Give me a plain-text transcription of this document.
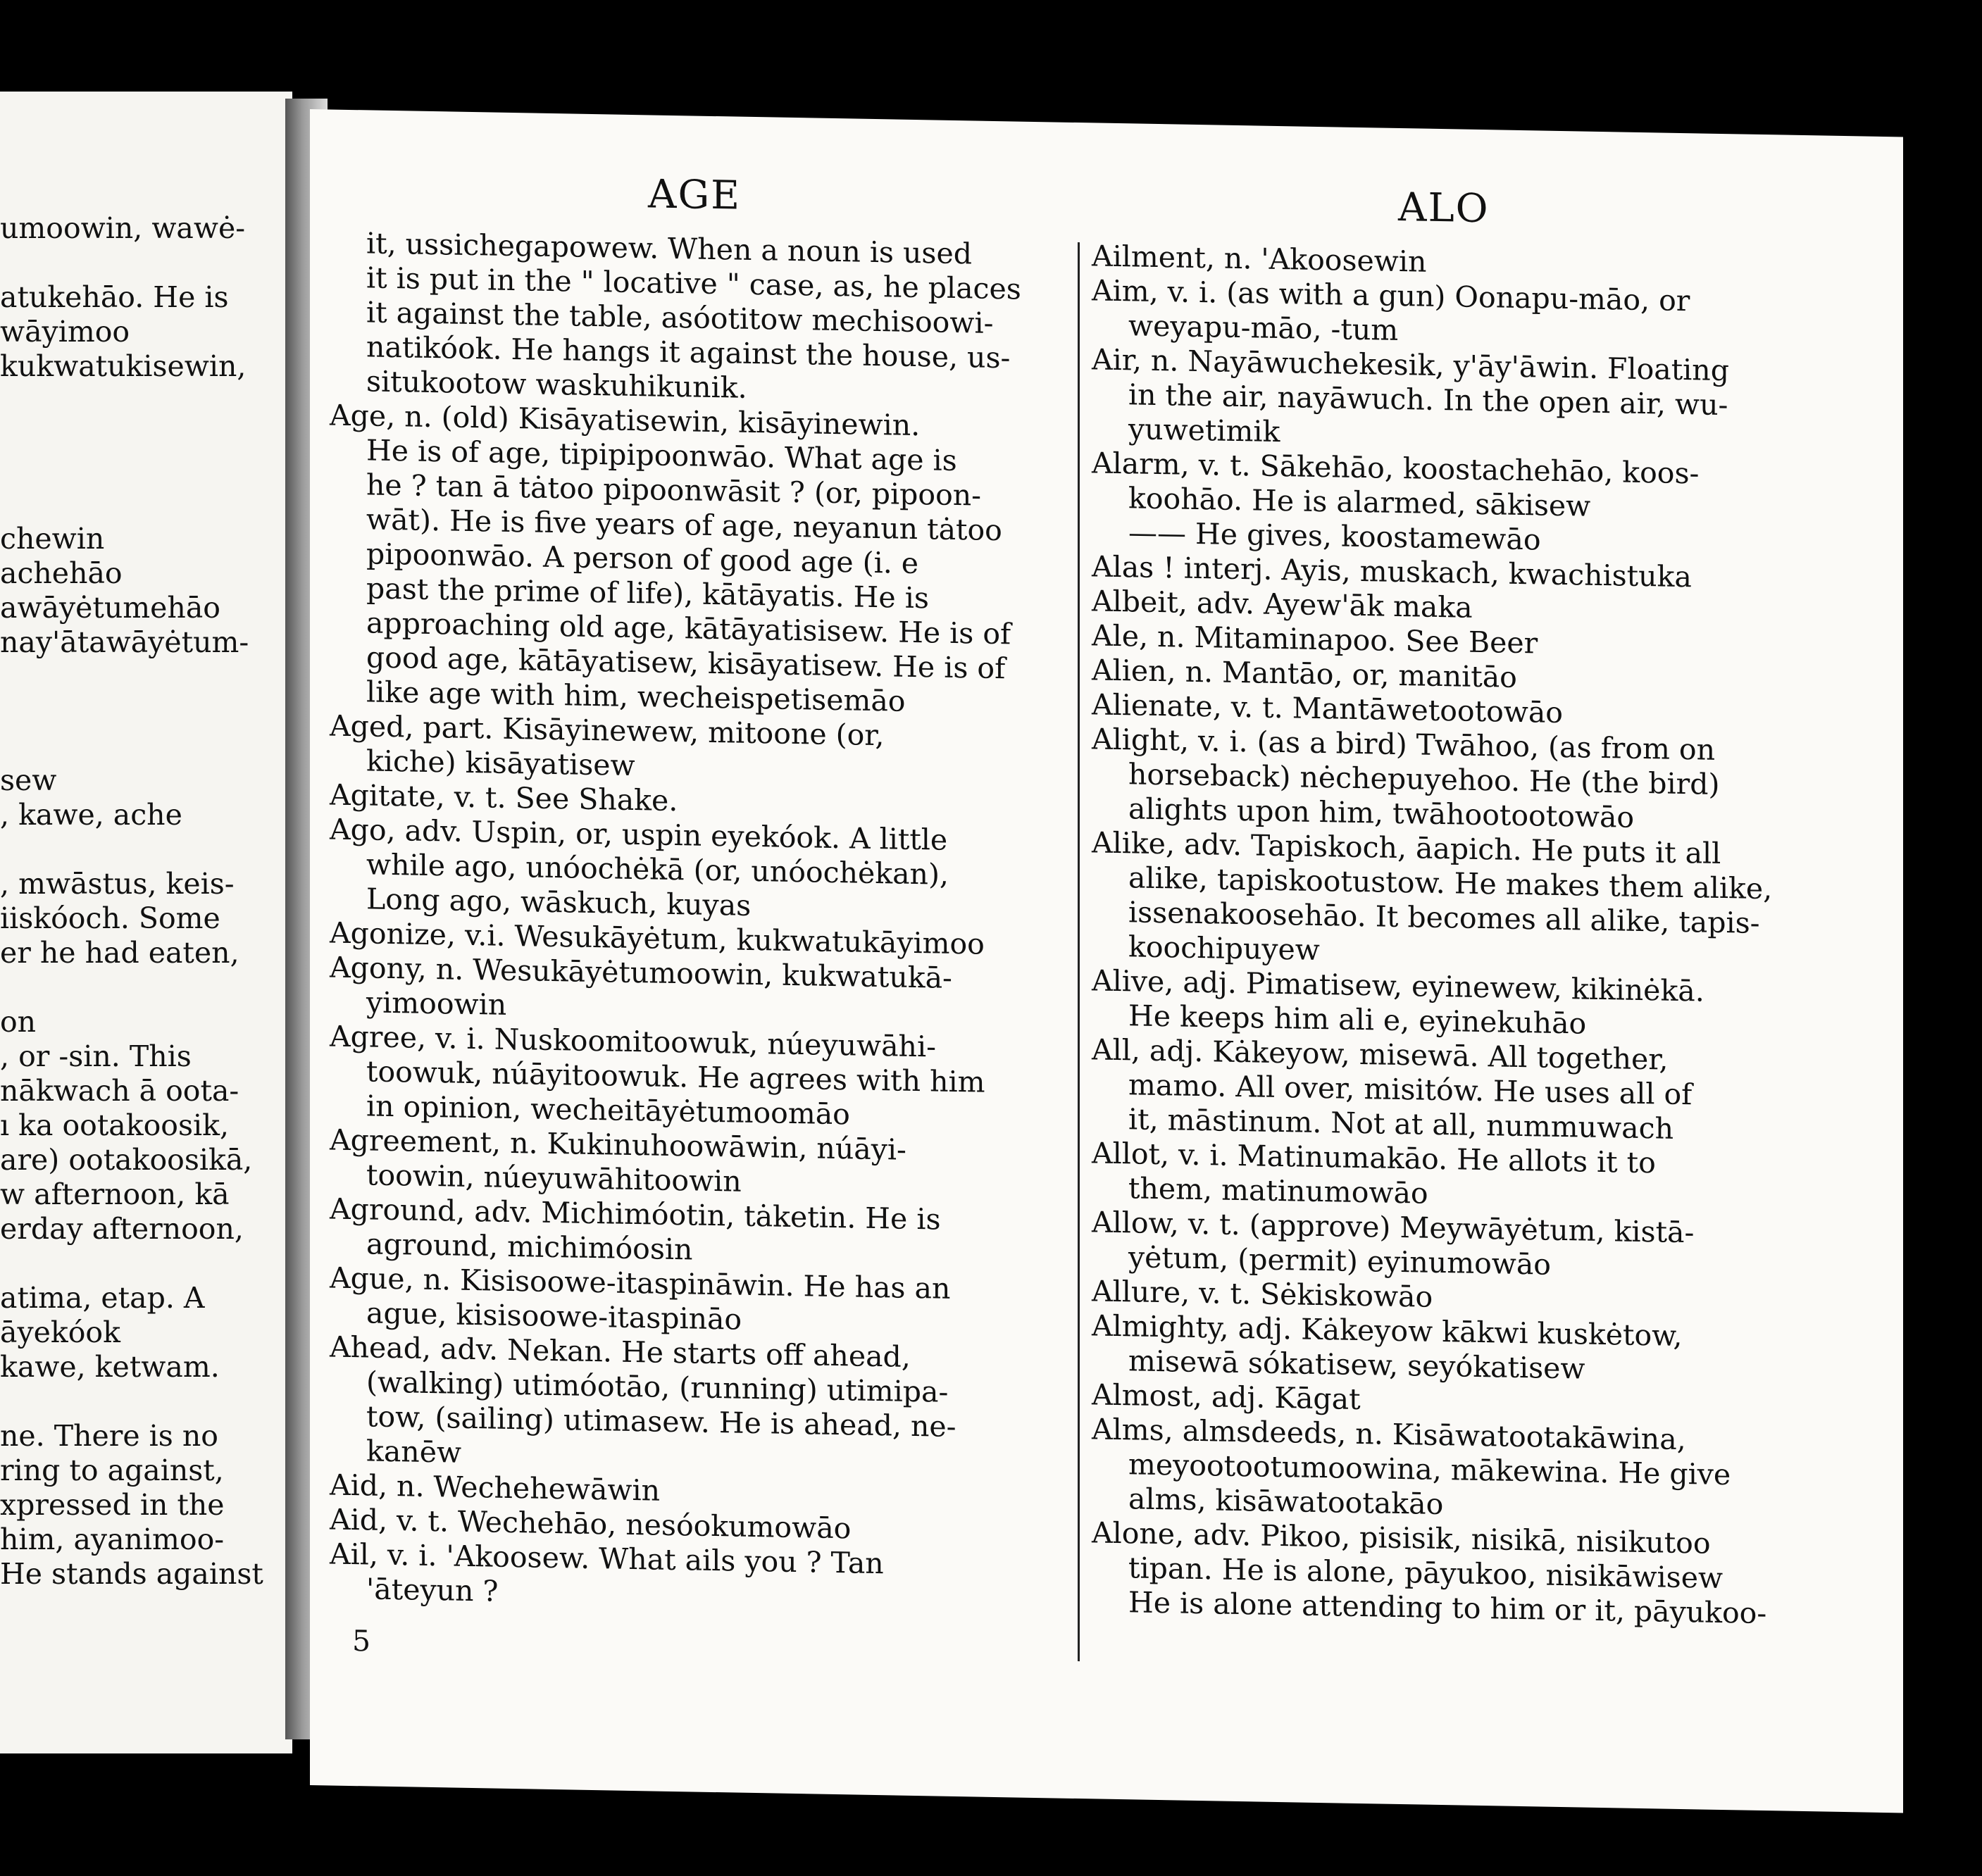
umoowin, wawė-

atukehāo. He is
wāyimoo
kukwatukisewin,

chewin
achehāo
awāyėtumehāo
nay'ātawāyėtum-

sew
, kawe, ache

, mwāstus, keis-
iiskóoch. Some
er he had eaten,

on
, or -sin. This
nākwach ā oota-
ı ka ootakoosik,
are) ootakoosikā,
w afternoon, kā
erday afternoon,

atima, etap. A
āyekóok
kawe, ketwam.

ne. There is no
ring to against,
xpressed in the
him, ayanimoo-
He stands against
AGE	ALO
it, ussichegapowew. When a noun is used
it is put in the " locative " case, as, he places
it against the table, asóotitow mechisoowi-
natikóok. He hangs it against the house, us-
situkootow waskuhikunik.
Age, n. (old) Kisāyatisewin, kisāyinewin.
He is of age, tipipipoonwāo. What age is
he ? tan ā tȧtoo pipoonwāsit ? (or, pipoon-
wāt). He is five years of age, neyanun tȧtoo
pipoonwāo. A person of good age (i. e
past the prime of life), kātāyatis. He is
approaching old age, kātāyatisisew. He is of
good age, kātāyatisew, kisāyatisew. He is of
like age with him, wecheispetisemāo
Aged, part. Kisāyinewew, mitoone (or,
kiche) kisāyatisew
Agitate, v. t. See Shake.
Ago, adv. Uspin, or, uspin eyekóok. A little
while ago, unóochėkā (or, unóochėkan),
Long ago, wāskuch, kuyas
Agonize, v.i. Wesukāyėtum, kukwatukāyimoo
Agony, n. Wesukāyėtumoowin, kukwatukā-
yimoowin
Agree, v. i. Nuskoomitoowuk, núeyuwāhi-
toowuk, núāyitoowuk. He agrees with him
in opinion, wecheitāyėtumoomāo
Agreement, n. Kukinuhoowāwin, núāyi-
toowin, núeyuwāhitoowin
Aground, adv. Michimóotin, tȧketin. He is
aground, michimóosin
Ague, n. Kisisoowe-itaspināwin. He has an
ague, kisisoowe-itaspināo
Ahead, adv. Nekan. He starts off ahead,
(walking) utimóotāo, (running) utimipa-
tow, (sailing) utimasew. He is ahead, ne-
kanēw
Aid, n. Wechehewāwin
Aid, v. t. Wechehāo, nesóokumowāo
Ail, v. i. 'Akoosew. What ails you ? Tan
'āteyun ?
Ailment, n. 'Akoosewin
Aim, v. i. (as with a gun) Oonapu-māo, or
weyapu-māo, -tum
Air, n. Nayāwuchekesik, y'āy'āwin. Floating
in the air, nayāwuch. In the open air, wu-
yuwetimik
Alarm, v. t. Sākehāo, koostachehāo, koos-
koohāo. He is alarmed, sākisew
—— He gives, koostamewāo
Alas ! interj. Ayis, muskach, kwachistuka
Albeit, adv. Ayew'āk maka
Ale, n. Mitaminapoo. See Beer
Alien, n. Mantāo, or, manitāo
Alienate, v. t. Mantāwetootowāo
Alight, v. i. (as a bird) Twāhoo, (as from on
horseback) nėchepuyehoo. He (the bird)
alights upon him, twāhootootowāo
Alike, adv. Tapiskoch, āapich. He puts it all
alike, tapiskootustow. He makes them alike,
issenakoosehāo. It becomes all alike, tapis-
koochipuyew
Alive, adj. Pimatisew, eyinewew, kikinėkā.
He keeps him ali e, eyinekuhāo
All, adj. Kȧkeyow, misewā. All together,
mamo. All over, misitów. He uses all of
it, māstinum. Not at all, nummuwach
Allot, v. i. Matinumakāo. He allots it to
them, matinumowāo
Allow, v. t. (approve) Meywāyėtum, kistā-
yėtum, (permit) eyinumowāo
Allure, v. t. Sėkiskowāo
Almighty, adj. Kȧkeyow kākwi kuskėtow,
misewā sókatisew, seyókatisew
Almost, adj. Kāgat
Alms, almsdeeds, n. Kisāwatootakāwina,
meyootootumoowina, mākewina. He give
alms, kisāwatootakāo
Alone, adv. Pikoo, pisisik, nisikā, nisikutoo
tipan. He is alone, pāyukoo, nisikāwisew
He is alone attending to him or it, pāyukoo-
5
